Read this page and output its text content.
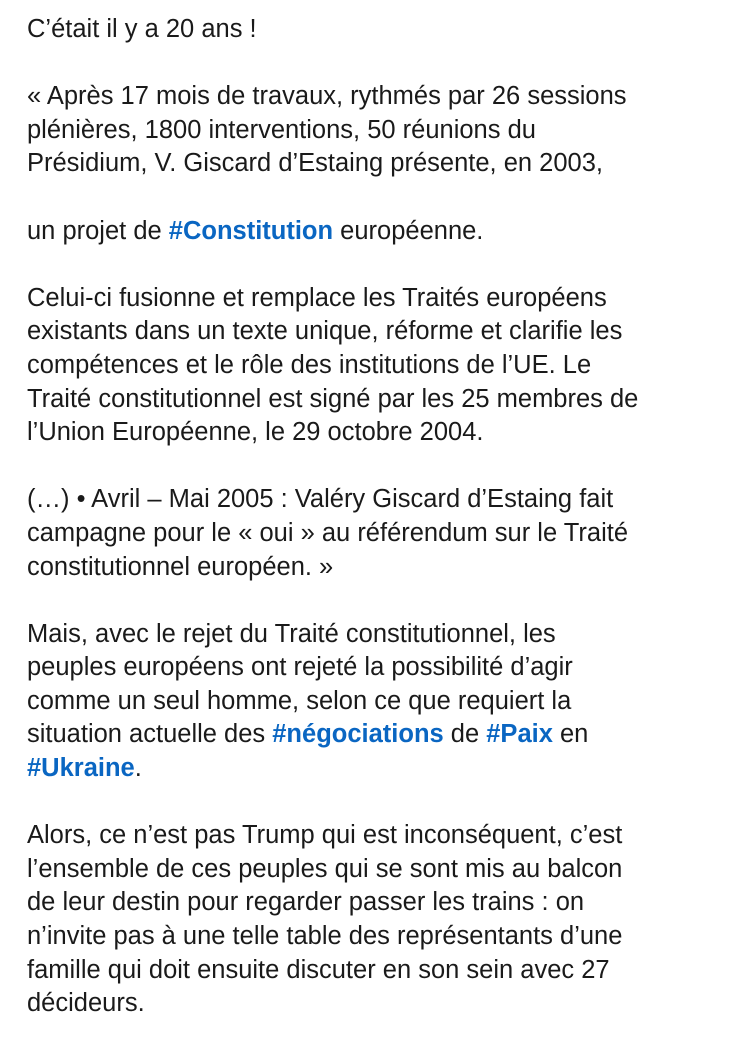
C’était il y a 20 ans !

« Après 17 mois de travaux, rythmés par 26 sessions
plénières, 1800 interventions, 50 réunions du
Présidium, V. Giscard d’Estaing présente, en 2003,

un projet de #Constitution européenne.

Celui-ci fusionne et remplace les Traités européens
existants dans un texte unique, réforme et clarifie les
compétences et le rôle des institutions de l’UE. Le
Traité constitutionnel est signé par les 25 membres de
l’Union Européenne, le 29 octobre 2004.

(…) • Avril – Mai 2005 : Valéry Giscard d’Estaing fait
campagne pour le « oui » au référendum sur le Traité
constitutionnel européen. »

Mais, avec le rejet du Traité constitutionnel, les
peuples européens ont rejeté la possibilité d’agir
comme un seul homme, selon ce que requiert la
situation actuelle des #négociations de #Paix en
#Ukraine.

Alors, ce n’est pas Trump qui est inconséquent, c’est
l’ensemble de ces peuples qui se sont mis au balcon
de leur destin pour regarder passer les trains : on
n’invite pas à une telle table des représentants d’une
famille qui doit ensuite discuter en son sein avec 27
décideurs.
